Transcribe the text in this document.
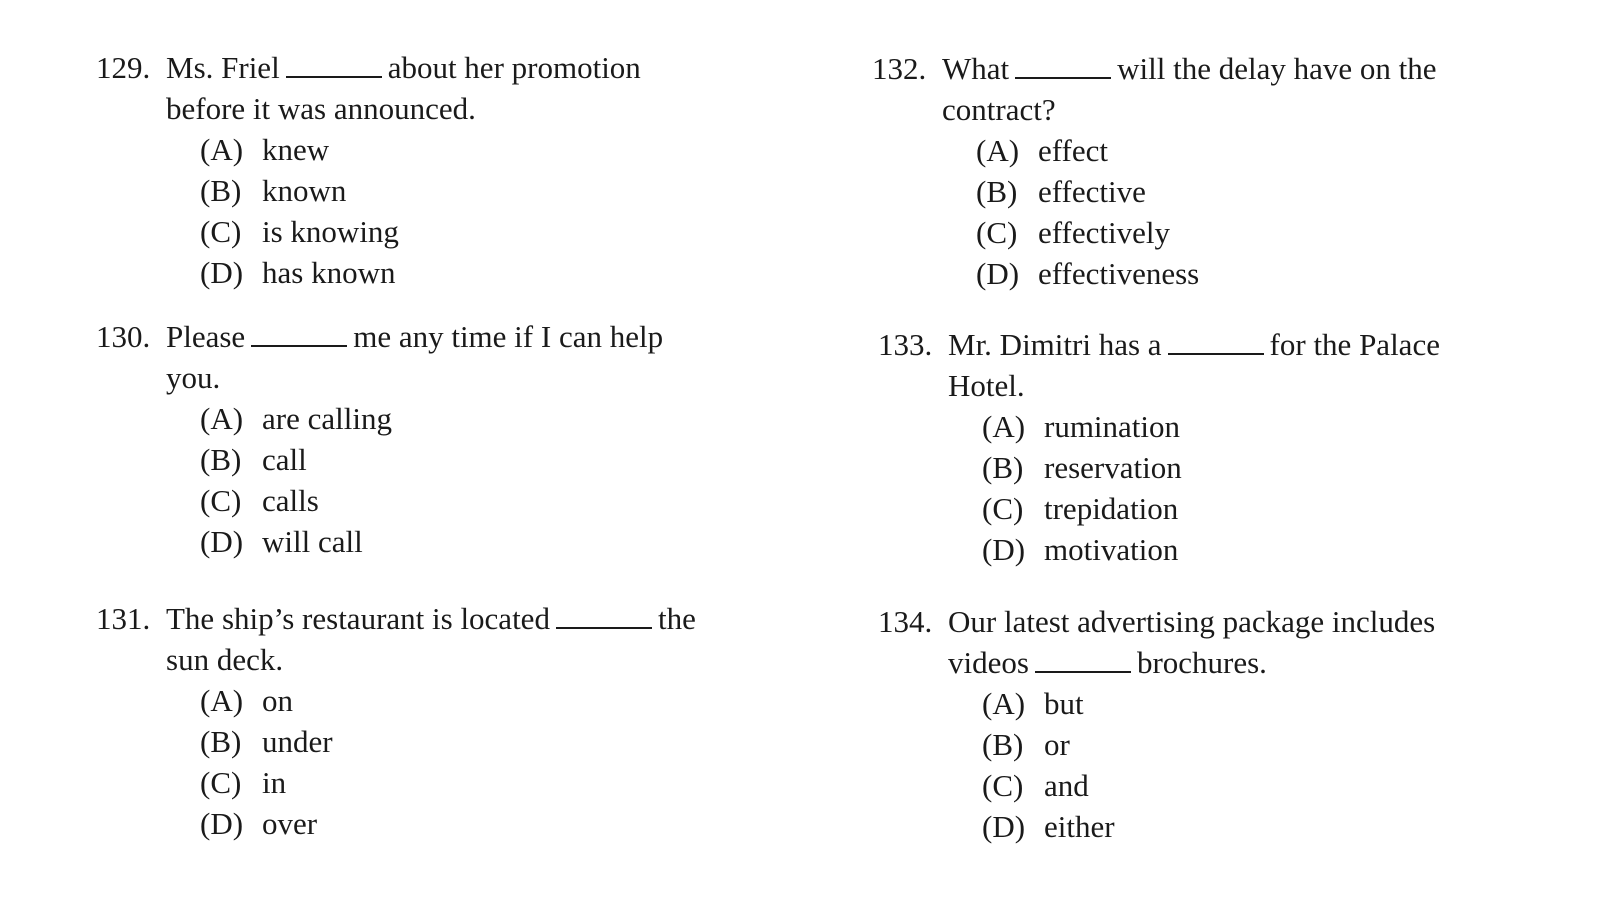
129. Ms. Friel	about her promotion
before it was announced.
(A) knew
(B) known
(C) is knowing
(D) has known
130. Please	me any time if I can help
you.
(A) are calling
(B) call
(C) calls
(D) will call
131. The ship’s restaurant is located	the
sun deck.
(A) on
(B) under
(C) in
(D) over
132. What	will the delay have on the
contract?
(A) effect
(B) effective
(C) effectively
(D) effectiveness
133. Mr. Dimitri has a	for the Palace
Hotel.
(A) rumination
(B) reservation
(C) trepidation
(D) motivation
134. Our latest advertising package includes
videos	brochures.
(A) but
(B) or
(C) and
(D) either
